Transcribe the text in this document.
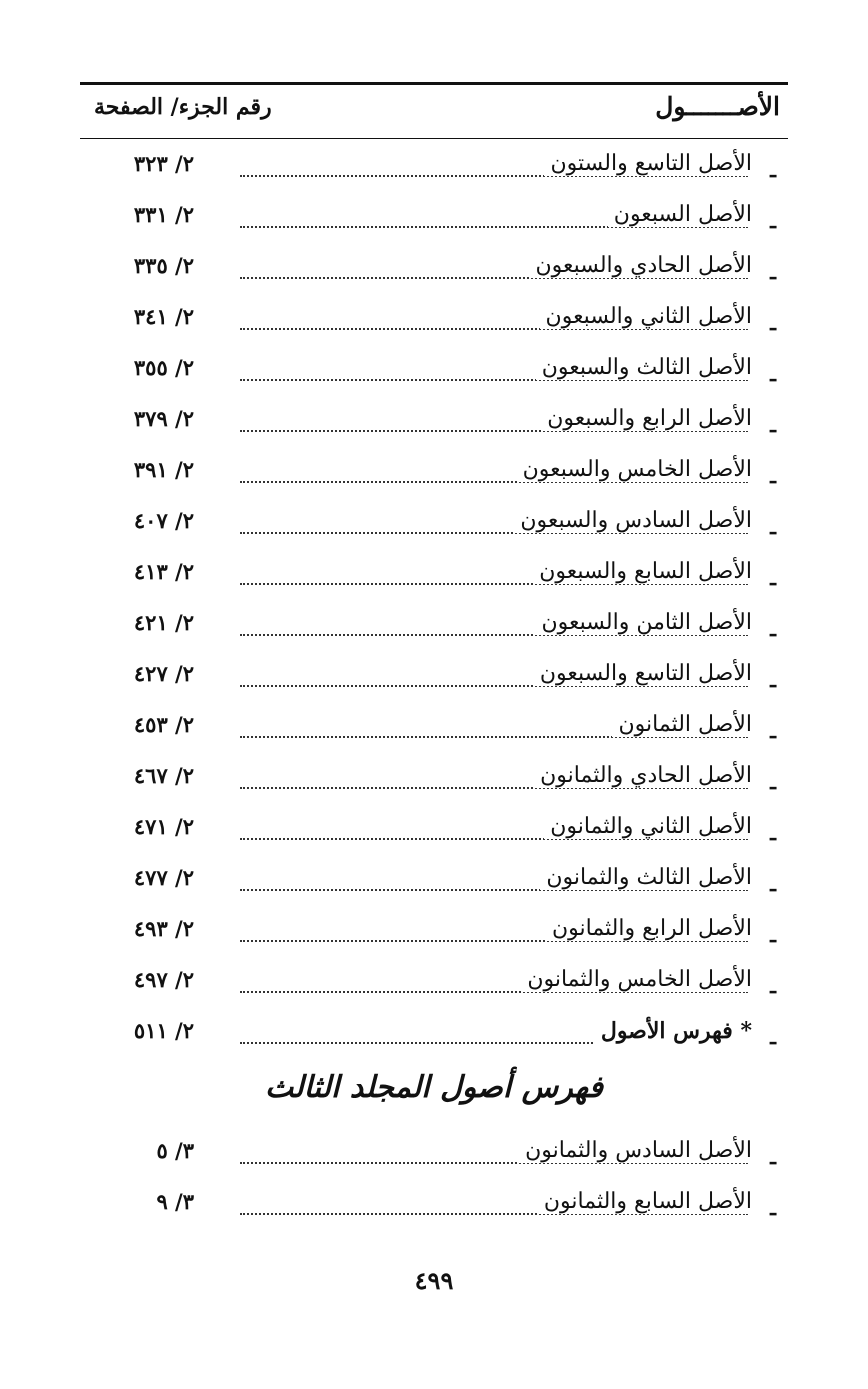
الأصـــــــول
رقم الجزء/ الصفحة
ـ
الأصل التاسع والستون
٢/ ٣٢٣
ـ
الأصل السبعون
٢/ ٣٣١
ـ
الأصل الحادي والسبعون
٢/ ٣٣٥
ـ
الأصل الثاني والسبعون
٢/ ٣٤١
ـ
الأصل الثالث والسبعون
٢/ ٣٥٥
ـ
الأصل الرابع والسبعون
٢/ ٣٧٩
ـ
الأصل الخامس والسبعون
٢/ ٣٩١
ـ
الأصل السادس والسبعون
٢/ ٤٠٧
ـ
الأصل السابع والسبعون
٢/ ٤١٣
ـ
الأصل الثامن والسبعون
٢/ ٤٢١
ـ
الأصل التاسع والسبعون
٢/ ٤٢٧
ـ
الأصل الثمانون
٢/ ٤٥٣
ـ
الأصل الحادي والثمانون
٢/ ٤٦٧
ـ
الأصل الثاني والثمانون
٢/ ٤٧١
ـ
الأصل الثالث والثمانون
٢/ ٤٧٧
ـ
الأصل الرابع والثمانون
٢/ ٤٩٣
ـ
الأصل الخامس والثمانون
٢/ ٤٩٧
ـ
* فهرس الأصول
٢/ ٥١١
فهرس أصول المجلد الثالث
ـ
الأصل السادس والثمانون
٣/ ٥
ـ
الأصل السابع والثمانون
٣/ ٩
٤٩٩
